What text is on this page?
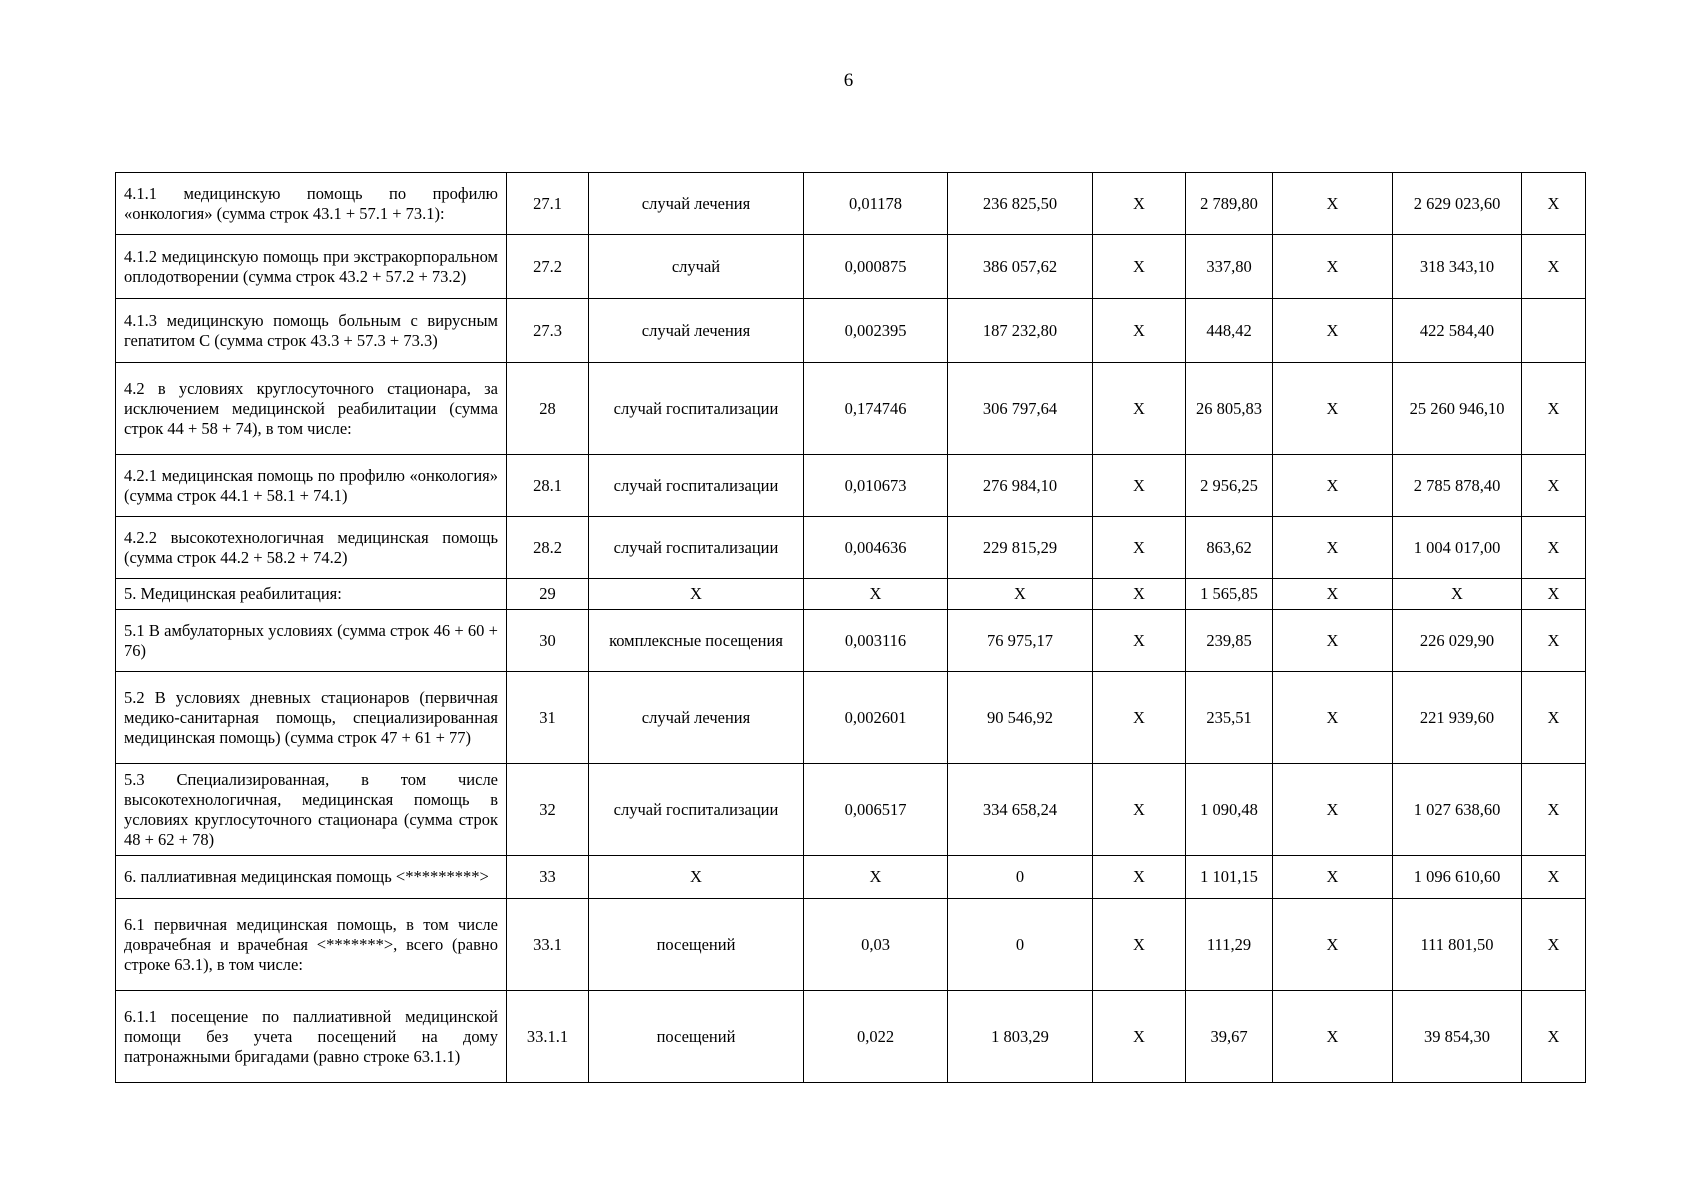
6
4.1.1 медицинскую помощь по профилю «онкология» (сумма строк 43.1 + 57.1 + 73.1):	27.1	случай лечения	0,01178	236 825,50	X	2 789,80	X	2 629 023,60	X
4.1.2 медицинскую помощь при экстракорпоральном оплодотворении (сумма строк 43.2 + 57.2 + 73.2)	27.2	случай	0,000875	386 057,62	X	337,80	X	318 343,10	X
4.1.3 медицинскую помощь больным с вирусным гепатитом С (сумма строк 43.3 + 57.3 + 73.3)	27.3	случай лечения	0,002395	187 232,80	X	448,42	X	422 584,40	
4.2 в условиях круглосуточного стационара, за исключением медицинской реабилитации (сумма строк 44 + 58 + 74), в том числе:	28	случай госпитализации	0,174746	306 797,64	X	26 805,83	X	25 260 946,10	X
4.2.1 медицинская помощь по профилю «онкология» (сумма строк 44.1 + 58.1 + 74.1)	28.1	случай госпитализации	0,010673	276 984,10	X	2 956,25	X	2 785 878,40	X
4.2.2 высокотехнологичная медицинская помощь (сумма строк 44.2 + 58.2 + 74.2)	28.2	случай госпитализации	0,004636	229 815,29	X	863,62	X	1 004 017,00	X
5. Медицинская реабилитация:	29	X	X	X	X	1 565,85	X	X	X
5.1 В амбулаторных условиях (сумма строк 46 + 60 + 76)	30	комплексные посещения	0,003116	76 975,17	X	239,85	X	226 029,90	X
5.2 В условиях дневных стационаров (первичная медико-санитарная помощь, специализированная медицинская помощь) (сумма строк 47 + 61 + 77)	31	случай лечения	0,002601	90 546,92	X	235,51	X	221 939,60	X
5.3 Специализированная, в том числе высокотехнологичная, медицинская помощь в условиях круглосуточного стационара (сумма строк 48 + 62 + 78)	32	случай госпитализации	0,006517	334 658,24	X	1 090,48	X	1 027 638,60	X
6. паллиативная медицинская помощь <*********>	33	X	X	0	X	1 101,15	X	1 096 610,60	X
6.1 первичная медицинская помощь, в том числе доврачебная и врачебная <*******>, всего (равно строке 63.1), в том числе:	33.1	посещений	0,03	0	X	111,29	X	111 801,50	X
6.1.1 посещение по паллиативной медицинской помощи без учета посещений на дому патронажными бригадами (равно строке 63.1.1)	33.1.1	посещений	0,022	1 803,29	X	39,67	X	39 854,30	X
